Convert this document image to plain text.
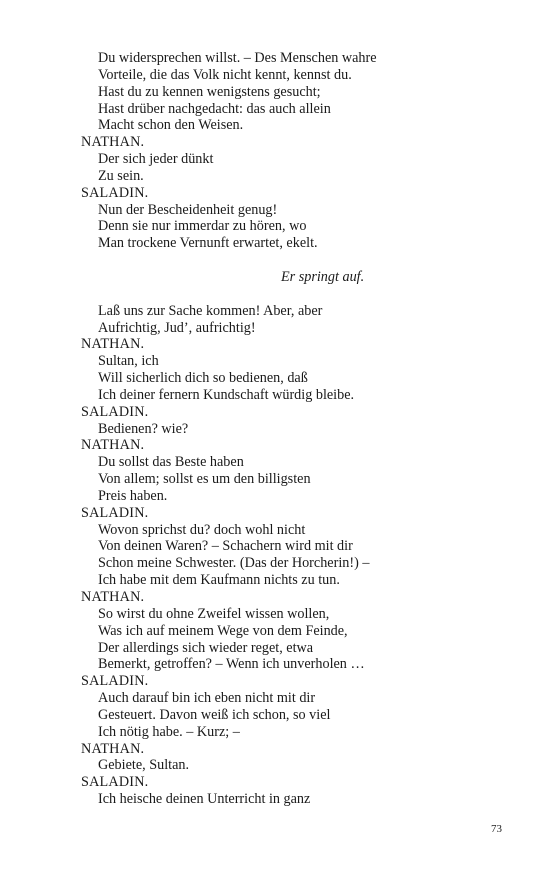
Du widersprechen willst. – Des Menschen wahre
Vorteile, die das Volk nicht kennt, kennst du.
Hast du zu kennen wenigstens gesucht;
Hast drüber nachgedacht: das auch allein
Macht schon den Weisen.
NATHAN.
Der sich jeder dünkt
Zu sein.
SALADIN.
Nun der Bescheidenheit genug!
Denn sie nur immerdar zu hören, wo
Man trockene Vernunft erwartet, ekelt.
Er springt auf.
Laß uns zur Sache kommen! Aber, aber
Aufrichtig, Jud’, aufrichtig!
NATHAN.
Sultan, ich
Will sicherlich dich so bedienen, daß
Ich deiner fernern Kundschaft würdig bleibe.
SALADIN.
Bedienen? wie?
NATHAN.
Du sollst das Beste haben
Von allem; sollst es um den billigsten
Preis haben.
SALADIN.
Wovon sprichst du? doch wohl nicht
Von deinen Waren? – Schachern wird mit dir
Schon meine Schwester. (Das der Horcherin!) –
Ich habe mit dem Kaufmann nichts zu tun.
NATHAN.
So wirst du ohne Zweifel wissen wollen,
Was ich auf meinem Wege von dem Feinde,
Der allerdings sich wieder reget, etwa
Bemerkt, getroffen? – Wenn ich unverholen …
SALADIN.
Auch darauf bin ich eben nicht mit dir
Gesteuert. Davon weiß ich schon, so viel
Ich nötig habe. – Kurz; –
NATHAN.
Gebiete, Sultan.
SALADIN.
Ich heische deinen Unterricht in ganz
73
